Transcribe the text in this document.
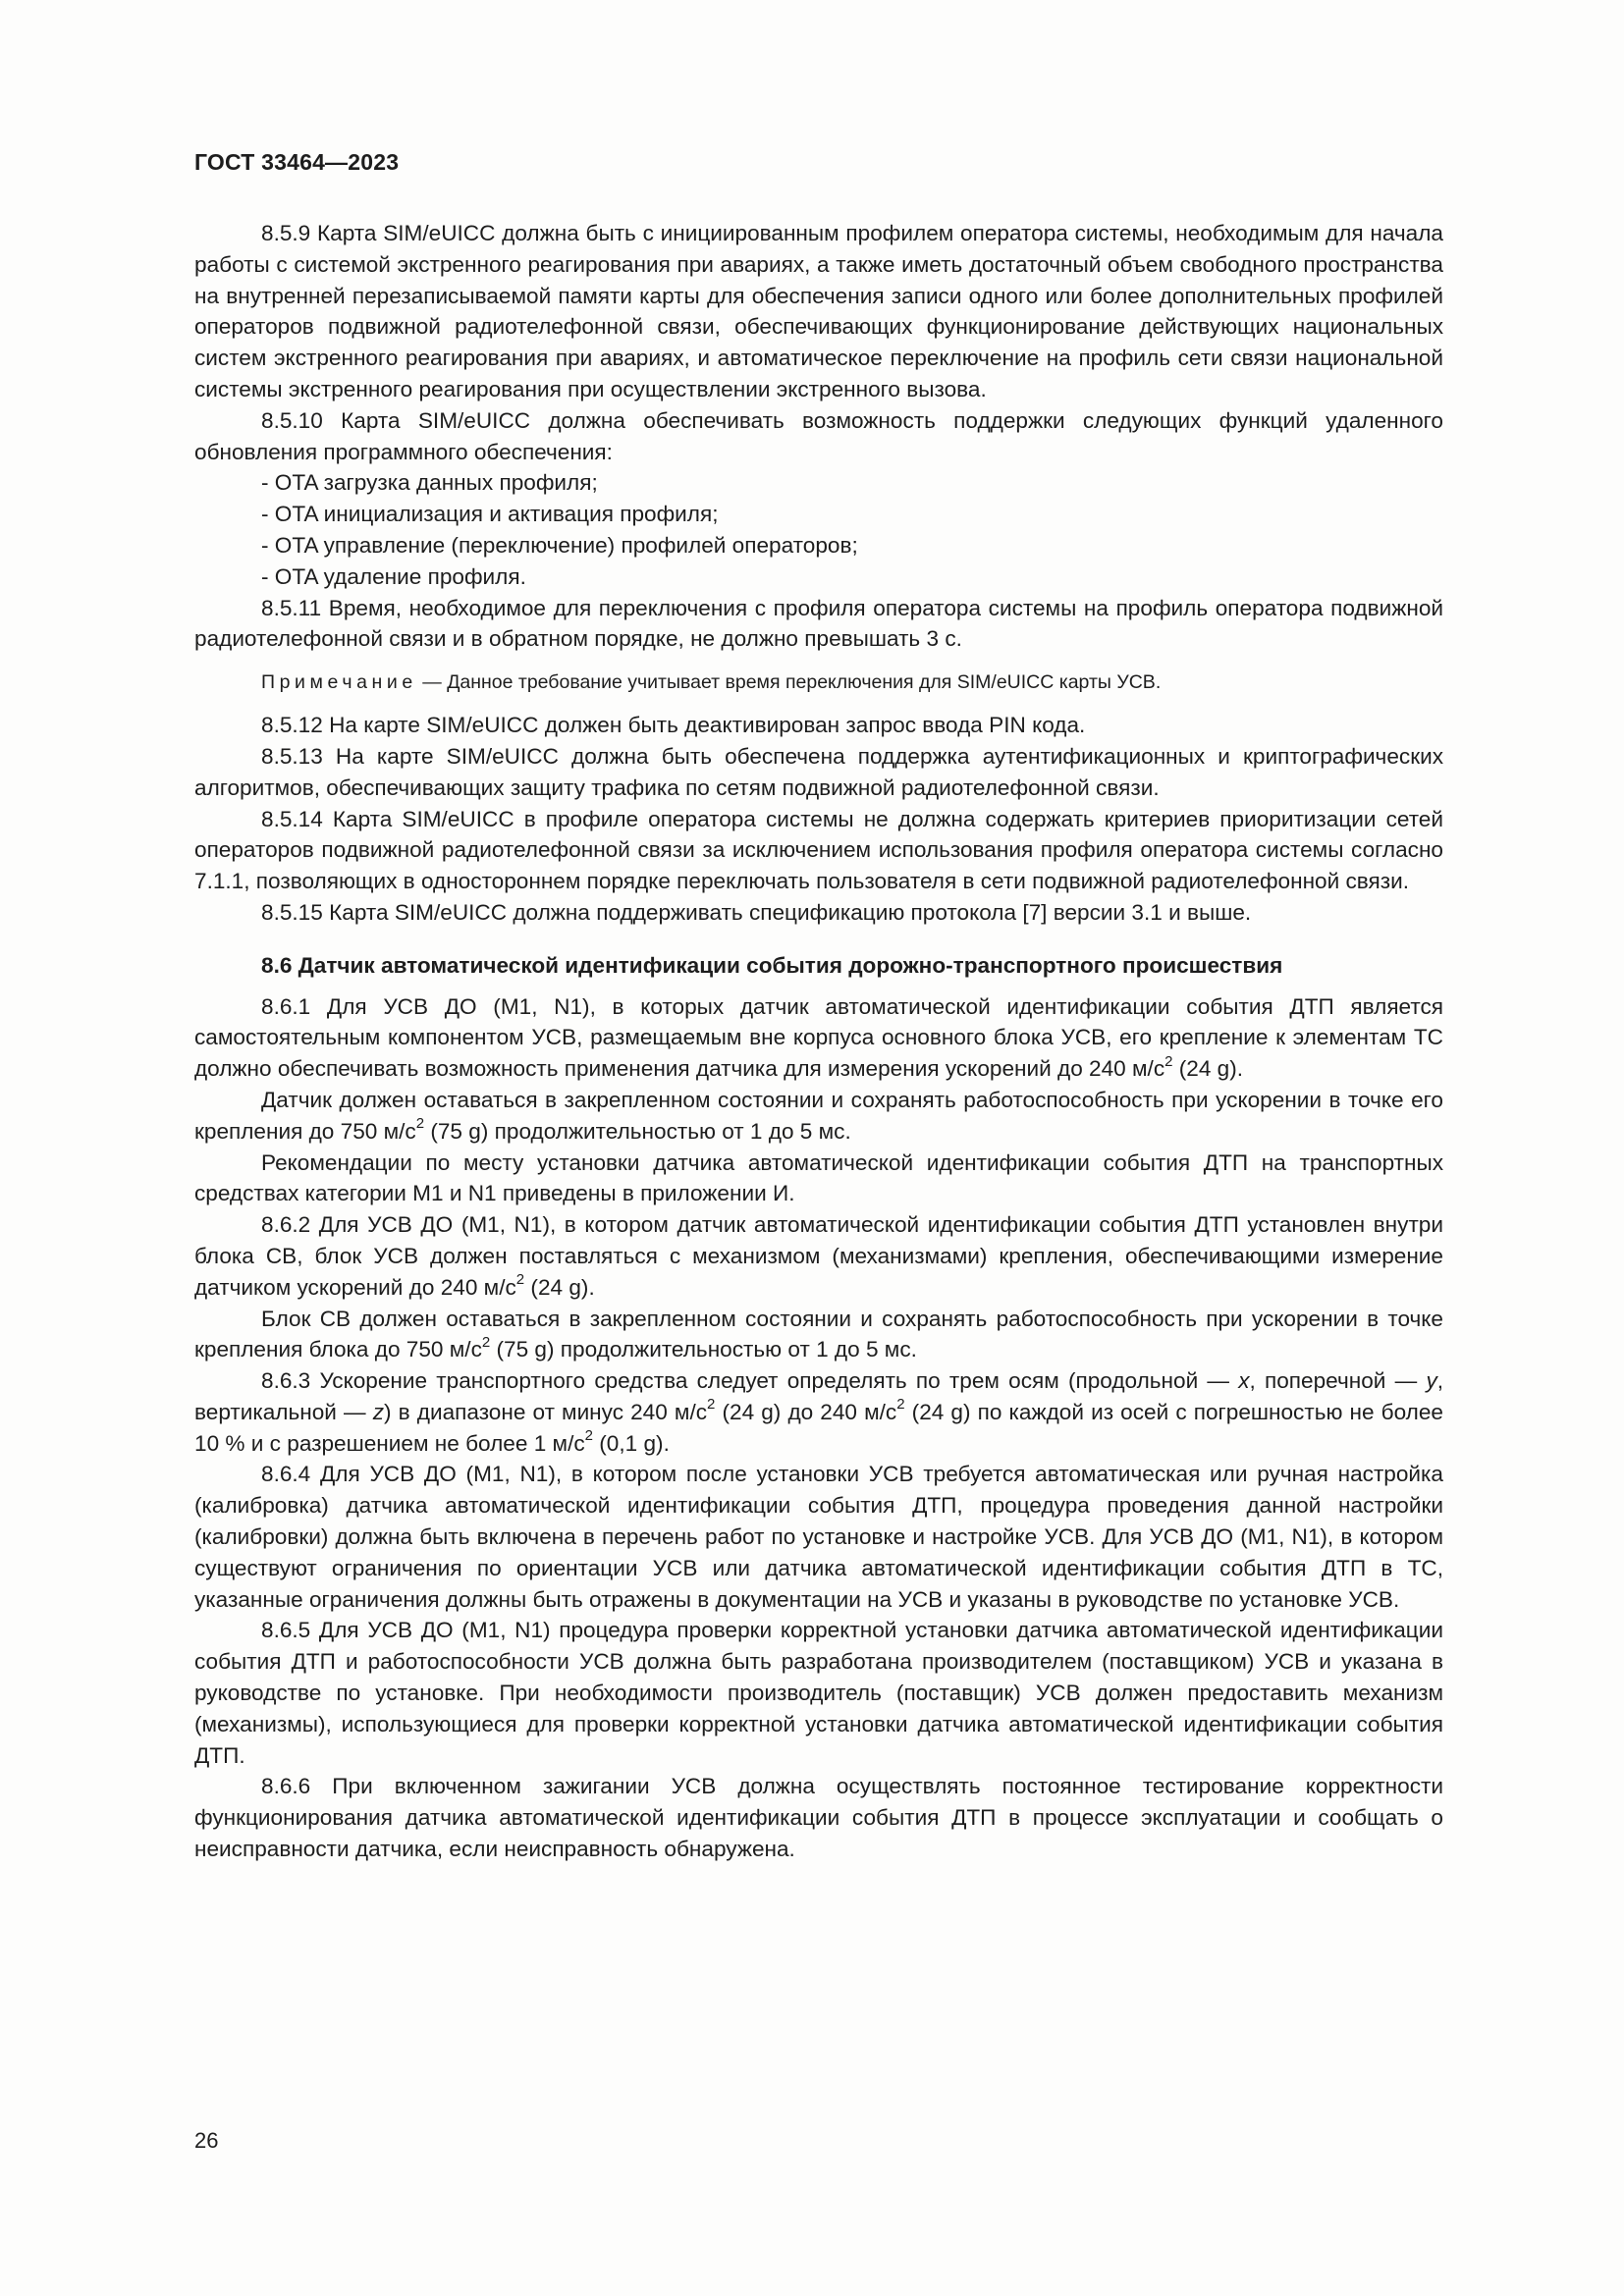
ГОСТ 33464—2023

8.5.9 Карта SIM/eUICC должна быть с инициированным профилем оператора системы, необходимым для начала работы с системой экстренного реагирования при авариях, а также иметь достаточный объем свободного пространства на внутренней перезаписываемой памяти карты для обеспечения записи одного или более дополнительных профилей операторов подвижной радиотелефонной связи, обеспечивающих функционирование действующих национальных систем экстренного реагирования при авариях, и автоматическое переключение на профиль сети связи национальной системы экстренного реагирования при осуществлении экстренного вызова.

8.5.10 Карта SIM/eUICC должна обеспечивать возможность поддержки следующих функций удаленного обновления программного обеспечения:

- OTA загрузка данных профиля;

- OTA инициализация и активация профиля;

- OTA управление (переключение) профилей операторов;

- OTA удаление профиля.

8.5.11 Время, необходимое для переключения с профиля оператора системы на профиль оператора подвижной радиотелефонной связи и в обратном порядке, не должно превышать 3 с.

Примечание — Данное требование учитывает время переключения для SIM/eUICC карты УСВ.

8.5.12 На карте SIM/eUICC должен быть деактивирован запрос ввода PIN кода.

8.5.13 На карте SIM/eUICC должна быть обеспечена поддержка аутентификационных и криптографических алгоритмов, обеспечивающих защиту трафика по сетям подвижной радиотелефонной связи.

8.5.14 Карта SIM/eUICC в профиле оператора системы не должна содержать критериев приоритизации сетей операторов подвижной радиотелефонной связи за исключением использования профиля оператора системы согласно 7.1.1, позволяющих в одностороннем порядке переключать пользователя в сети подвижной радиотелефонной связи.

8.5.15 Карта SIM/eUICC должна поддерживать спецификацию протокола [7] версии 3.1 и выше.

8.6 Датчик автоматической идентификации события дорожно-транспортного происшествия

8.6.1 Для УСВ ДО (М1, N1), в которых датчик автоматической идентификации события ДТП является самостоятельным компонентом УСВ, размещаемым вне корпуса основного блока УСВ, его крепление к элементам ТС должно обеспечивать возможность применения датчика для измерения ускорений до 240 $м/с^2$ (24 g).

Датчик должен оставаться в закрепленном состоянии и сохранять работоспособность при ускорении в точке его крепления до 750 $м/с^2$ (75 g) продолжительностью от 1 до 5 мс.

Рекомендации по месту установки датчика автоматической идентификации события ДТП на транспортных средствах категории М1 и N1 приведены в приложении И.

8.6.2 Для УСВ ДО (М1, N1), в котором датчик автоматической идентификации события ДТП установлен внутри блока СВ, блок УСВ должен поставляться с механизмом (механизмами) крепления, обеспечивающими измерение датчиком ускорений до 240 $м/с^2$ (24 g).

Блок СВ должен оставаться в закрепленном состоянии и сохранять работоспособность при ускорении в точке крепления блока до 750 $м/с^2$ (75 g) продолжительностью от 1 до 5 мс.

8.6.3 Ускорение транспортного средства следует определять по трем осям (продольной — x, поперечной — y, вертикальной — z) в диапазоне от минус 240 $м/с^2$ (24 g) до 240 $м/с^2$ (24 g) по каждой из осей с погрешностью не более 10 % и с разрешением не более 1 $м/с^2$ (0,1 g).

8.6.4 Для УСВ ДО (М1, N1), в котором после установки УСВ требуется автоматическая или ручная настройка (калибровка) датчика автоматической идентификации события ДТП, процедура проведения данной настройки (калибровки) должна быть включена в перечень работ по установке и настройке УСВ. Для УСВ ДО (М1, N1), в котором существуют ограничения по ориентации УСВ или датчика автоматической идентификации события ДТП в ТС, указанные ограничения должны быть отражены в документации на УСВ и указаны в руководстве по установке УСВ.

8.6.5 Для УСВ ДО (М1, N1) процедура проверки корректной установки датчика автоматической идентификации события ДТП и работоспособности УСВ должна быть разработана производителем (поставщиком) УСВ и указана в руководстве по установке. При необходимости производитель (поставщик) УСВ должен предоставить механизм (механизмы), использующиеся для проверки корректной установки датчика автоматической идентификации события ДТП.

8.6.6 При включенном зажигании УСВ должна осуществлять постоянное тестирование корректности функционирования датчика автоматической идентификации события ДТП в процессе эксплуатации и сообщать о неисправности датчика, если неисправность обнаружена.

26
